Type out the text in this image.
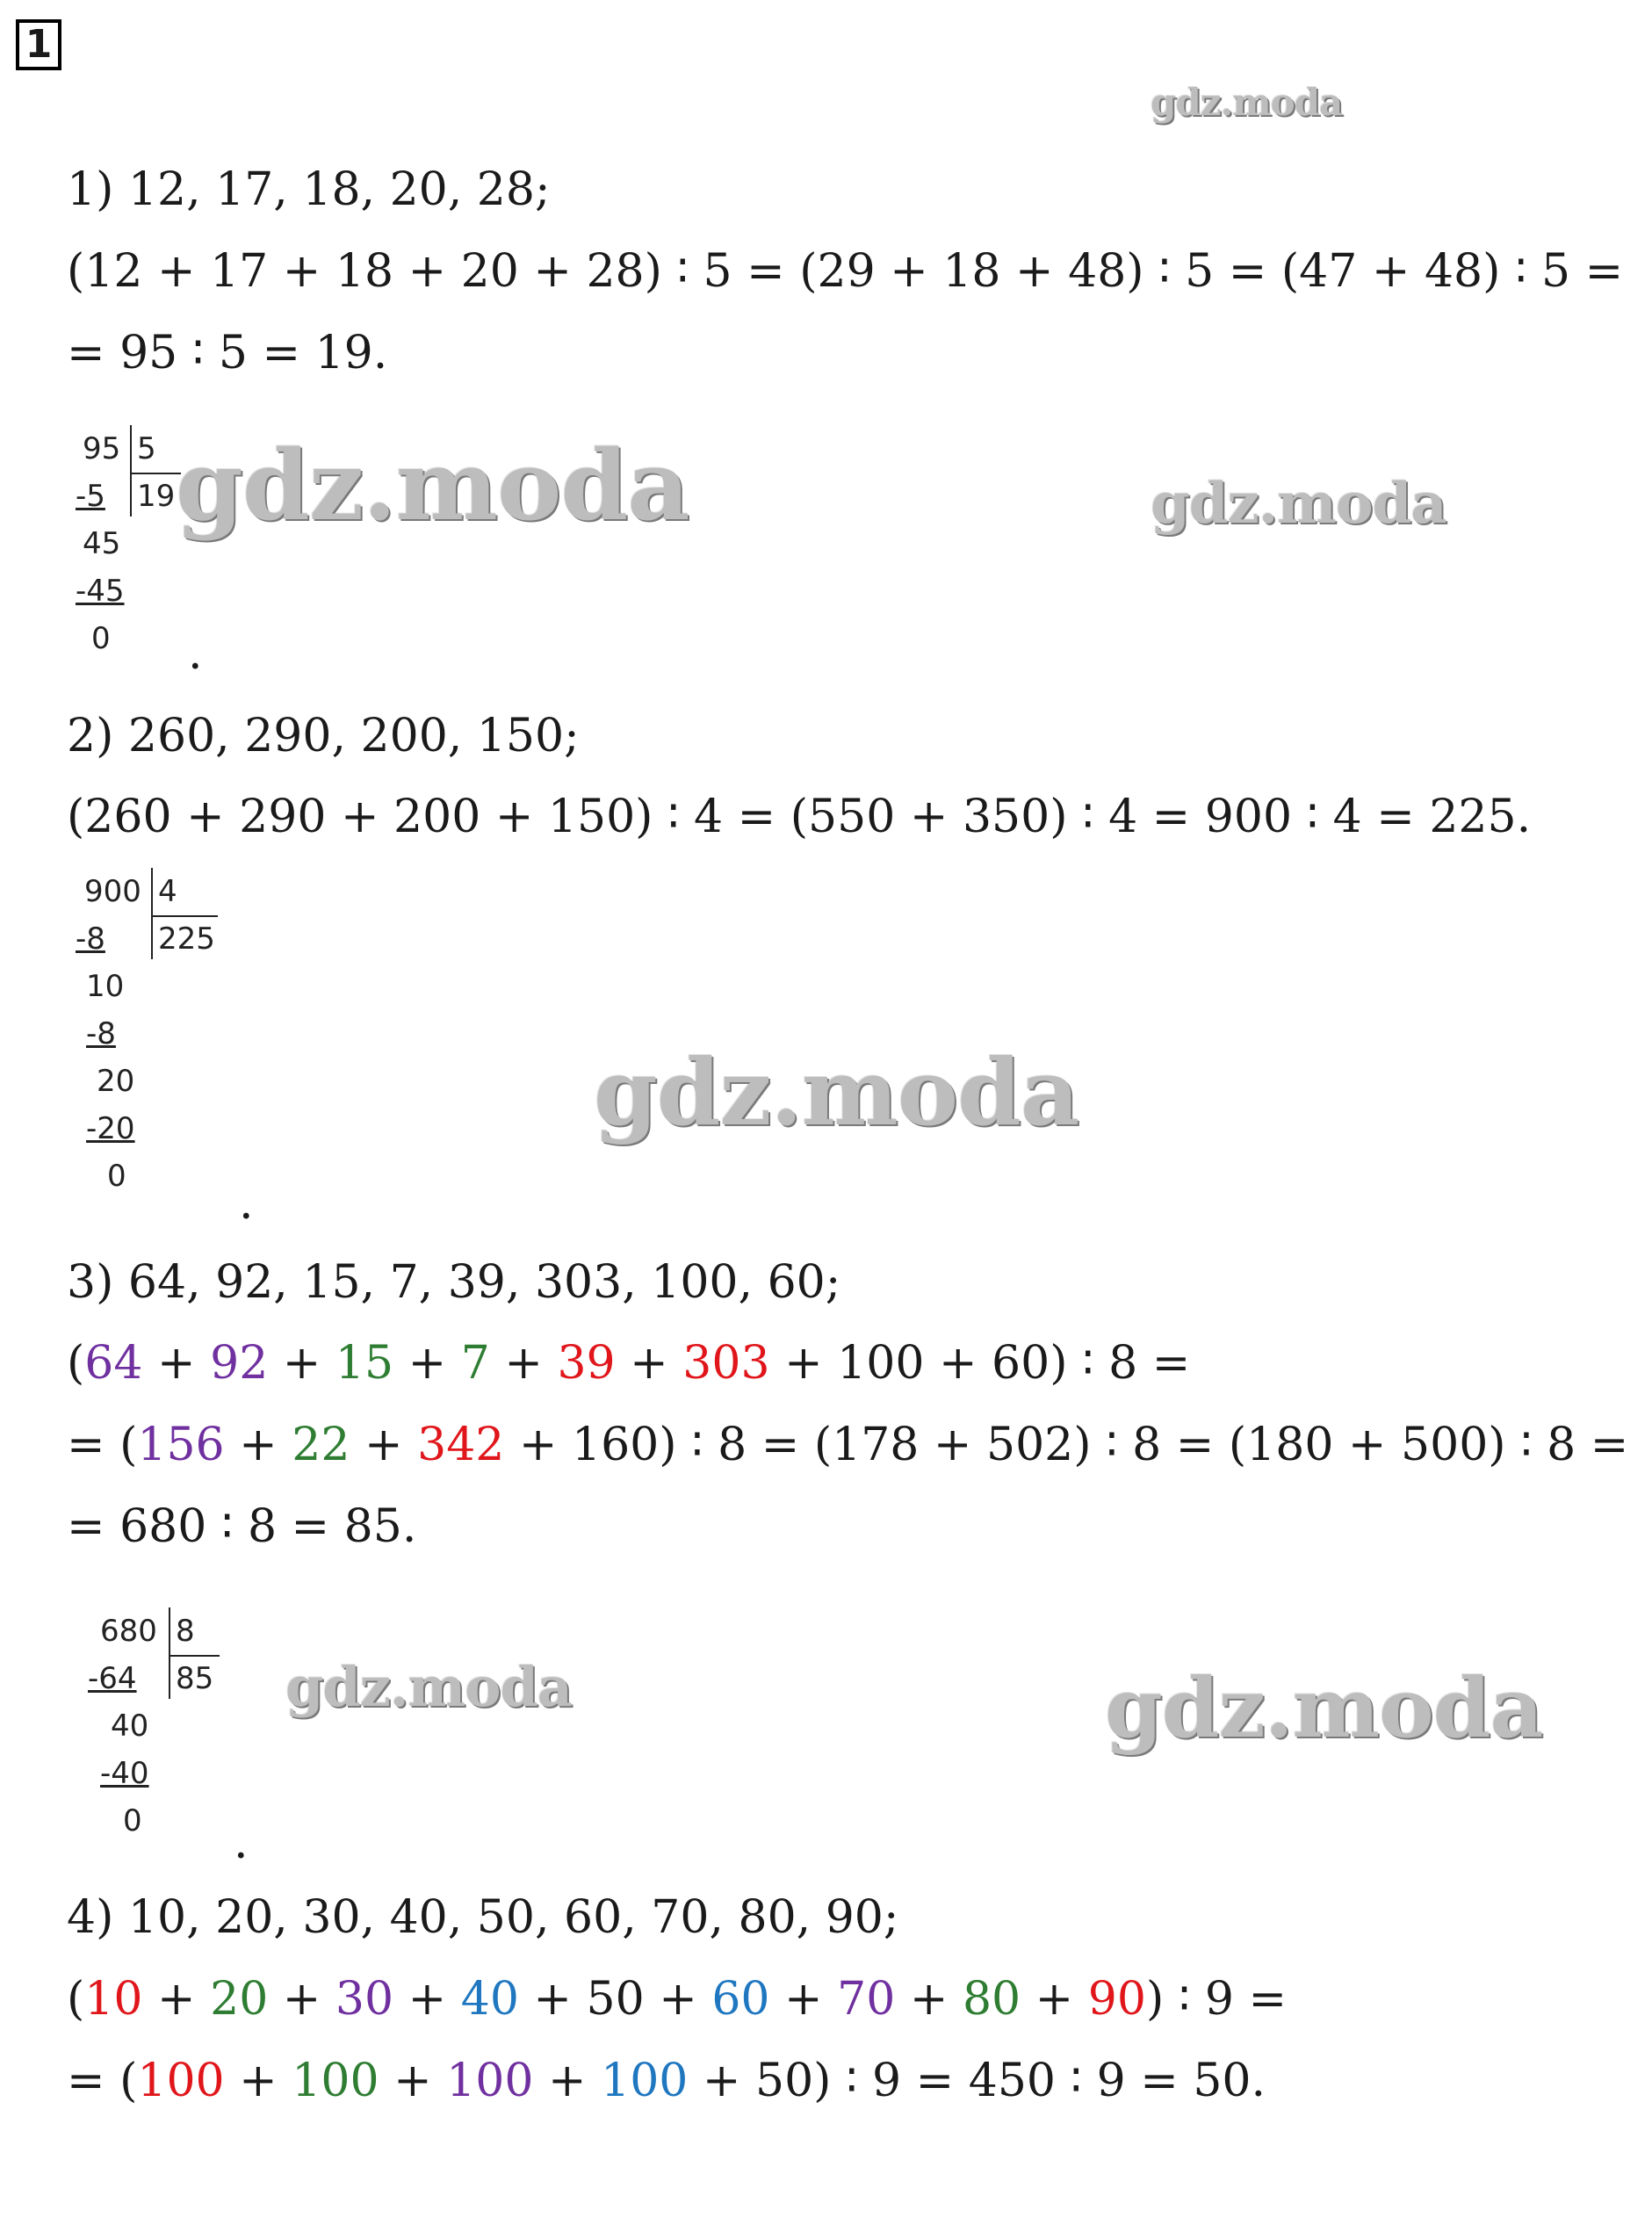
1
gdz.moda
gdz.moda	gdz.moda
gdz.moda
gdz.moda	gdz.moda
1) 12, 17, 18, 20, 28;
(12 + 17 + 18 + 20 + 28) ∶ 5 = (29 + 18 + 48) ∶ 5 = (47 + 48) ∶ 5 =
= 95 ∶ 5 = 19.
95
-5
45
-45
0
5
19
.
2) 260, 290, 200, 150;
(260 + 290 + 200 + 150) ∶ 4 = (550 + 350) ∶ 4 = 900 ∶ 4 = 225.
900
-8
10
-8
20
-20
0
4
225
.
3) 64, 92, 15, 7, 39, 303, 100, 60;
(64 + 92 + 15 + 7 + 39 + 303 + 100 + 60) ∶ 8 =
= (156 + 22 + 342 + 160) ∶ 8 = (178 + 502) ∶ 8 = (180 + 500) ∶ 8 =
= 680 ∶ 8 = 85.
680
-64
40
-40
0
8
85
.
4) 10, 20, 30, 40, 50, 60, 70, 80, 90;
(10 + 20 + 30 + 40 + 50 + 60 + 70 + 80 + 90) ∶ 9 =
= (100 + 100 + 100 + 100 + 50) ∶ 9 = 450 ∶ 9 = 50.
